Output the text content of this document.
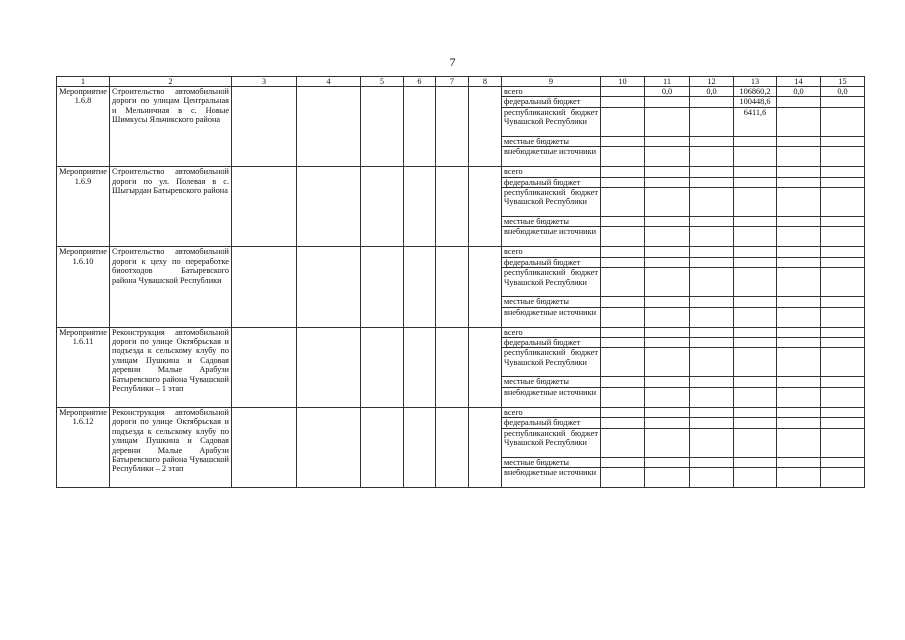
7
1	2	3	4	5	6	7	8	9	10	11	12	13	14	15	
Мероприятие 1.6.8	Строительство автомобильной дороги по улицам Центральная и Мельничная в с. Новые Шимкусы Яльчикского района							всего		0,0	0,0	106860,2	0,0	0,0	
								федеральный бюджет				100448,6			
								республиканский бюджет Чувашской Республики				6411,6			
								местные бюджеты							
								внебюджетные источники							
Мероприятие 1.6.9	Строительство автомобильной дороги по ул. Полевая в с. Шыгырдан Батыревского района							всего							
								федеральный бюджет							
								республиканский бюджет Чувашской Республики							
								местные бюджеты							
								внебюджетные источники							
Мероприятие 1.6.10	Строительство автомобильной дороги к цеху по переработке биоотходов Батыревского района Чувашской Республики							всего							
								федеральный бюджет							
								республиканский бюджет Чувашской Республики							
								местные бюджеты							
								внебюджетные источники							
Мероприятие 1.6.11	Реконструкция автомобильной дороги по улице Октябрьская и подъезда к сельскому клубу по улицам Пушкина и Садовая деревни Малые Арабузи Батыревского района Чувашской Республики – 1 этап							всего							
								федеральный бюджет							
								республиканский бюджет Чувашской Республики							
								местные бюджеты							
								внебюджетные источники							
Мероприятие 1.6.12	Реконструкция автомобильной дороги по улице Октябрьская и подъезда к сельскому клубу по улицам Пушкина и Садовая деревни Малые Арабузи Батыревского района Чувашской Республики – 2 этап							всего							
								федеральный бюджет							
								республиканский бюджет Чувашской Республики							
								местные бюджеты							
								внебюджетные источники							
